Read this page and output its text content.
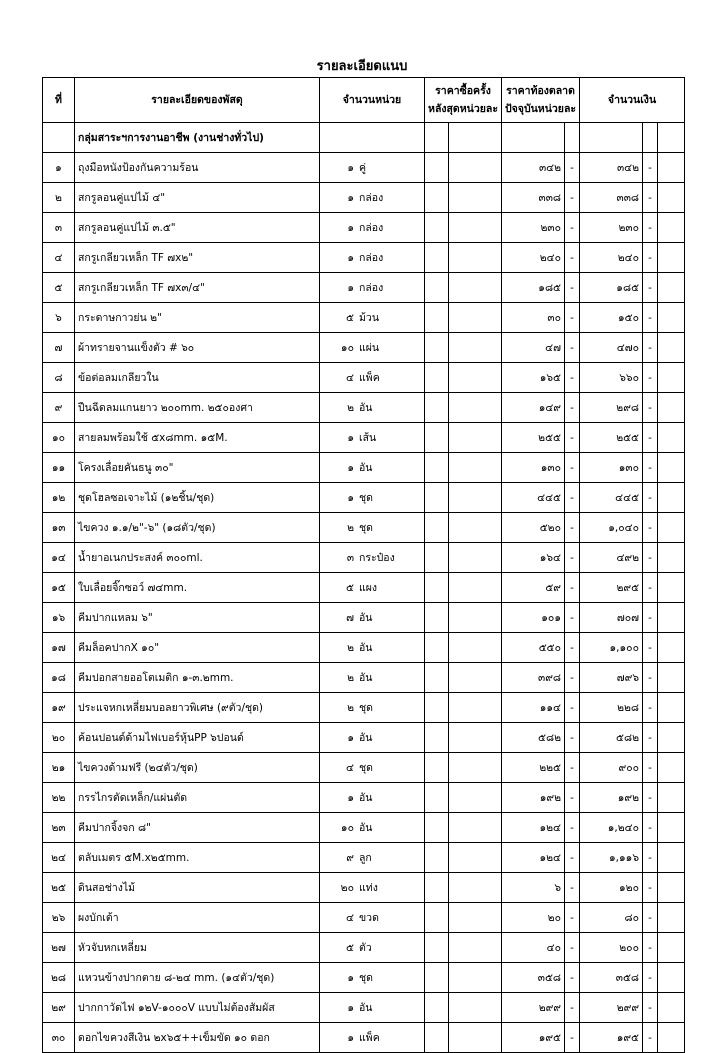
รายละเอียดแนบ
ที่	รายละเอียดของพัสดุ	จำนวนหน่วย	ราคาซื้อครั้ง
หลังสุดหน่วยละ		ราคาท้องตลาด
ปัจจุบันหน่วยละ		จำนวนเงิน		
	กลุ่มสาระฯการงานอาชีพ (งานช่างทั่วไป)								
๑	ถุงมือหนังป้องกันความร้อน	๑ คู่			๓๔๒	-	๓๔๒	-	
๒	สกรูลอนคู่แปไม้ ๔"	๑ กล่อง			๓๓๘	-	๓๓๘	-	
๓	สกรูลอนคู่แปไม้ ๓.๕"	๑ กล่อง			๒๓๐	-	๒๓๐	-	
๔	สกรูเกลียวเหล็ก TF ๗x๒"	๑ กล่อง			๒๔๐	-	๒๔๐	-	
๕	สกรูเกลียวเหล็ก TF ๗x๓/๔"	๑ กล่อง			๑๘๕	-	๑๘๕	-	
๖	กระดาษกาวย่น ๒"	๕ ม้วน			๓๐	-	๑๕๐	-	
๗	ผ้าทรายจานแข็งตัว # ๖๐	๑๐ แผ่น			๔๗	-	๔๗๐	-	
๘	ข้อต่อลมเกลียวใน	๔ แพ็ค			๑๖๕	-	๖๖๐	-	
๙	ปืนฉีดลมแกนยาว ๒๐๐mm. ๒๕๐องศา	๒ อัน			๑๔๙	-	๒๙๘	-	
๑๐	สายลมพร้อมใช้ ๕x๘mm. ๑๕M.	๑ เส้น			๒๕๕	-	๒๕๕	-	
๑๑	โครงเลื่อยคันธนู ๓๐"	๑ อัน			๑๓๐	-	๑๓๐	-	
๑๒	ชุดโฮลซอเจาะไม้ (๑๒ชิ้น/ชุด)	๑ ชุด			๔๔๕	-	๔๔๕	-	
๑๓	ไขควง ๑.๑/๒"-๖" (๑๘ตัว/ชุด)	๒ ชุด			๕๒๐	-	๑,๐๔๐	-	
๑๔	น้ำยาอเนกประสงค์ ๓๐๐ml.	๓ กระป๋อง			๑๖๔	-	๔๙๒	-	
๑๕	ใบเลื่อยจิ๊กซอว์ ๗๔mm.	๕ แผง			๕๙	-	๒๙๕	-	
๑๖	คีมปากแหลม ๖"	๗ อัน			๑๐๑	-	๗๐๗	-	
๑๗	คีมล็อคปากX ๑๐"	๒ อัน			๕๕๐	-	๑,๑๐๐	-	
๑๘	คีมปอกสายออโตเมติก ๑-๓.๒mm.	๒ อัน			๓๙๘	-	๗๙๖	-	
๑๙	ประแจหกเหลี่ยมบอลยาวพิเศษ (๙ตัว/ชุด)	๒ ชุด			๑๑๔	-	๒๒๘	-	
๒๐	ค้อนปอนด์ด้ามไฟเบอร์หุ้นPP ๖ปอนด์	๑ อัน			๕๘๒	-	๕๘๒	-	
๒๑	ไขควงด้ามฟรี (๒๔ตัว/ชุด)	๔ ชุด			๒๒๕	-	๙๐๐	-	
๒๒	กรรไกรตัดเหล็ก/แผ่นตัด	๑ อัน			๑๙๒	-	๑๙๒	-	
๒๓	คีมปากจิ้งจก ๘"	๑๐ อัน			๑๒๔	-	๑,๒๔๐	-	
๒๔	ตลับเมตร ๕M.x๒๕mm.	๙ ลูก			๑๒๔	-	๑,๑๑๖	-	
๒๕	ดินสอช่างไม้	๒๐ แท่ง			๖	-	๑๒๐	-	
๒๖	ผงบักเต้า	๔ ขวด			๒๐	-	๘๐	-	
๒๗	หัวจับหกเหลี่ยม	๕ ตัว			๔๐	-	๒๐๐	-	
๒๘	แหวนข้างปากตาย ๘-๒๔ mm. (๑๔ตัว/ชุด)	๑ ชุด			๓๕๘	-	๓๕๘	-	
๒๙	ปากกาวัดไฟ ๑๒V-๑๐๐๐V แบบไม่ต้องสัมผัส	๑ อัน			๒๙๙	-	๒๙๙	-	
๓๐	ดอกไขควงสีเงิน ๒x๖๕++เข็มขัด ๑๐ ดอก	๑ แพ็ค			๑๙๕	-	๑๙๕	-	
